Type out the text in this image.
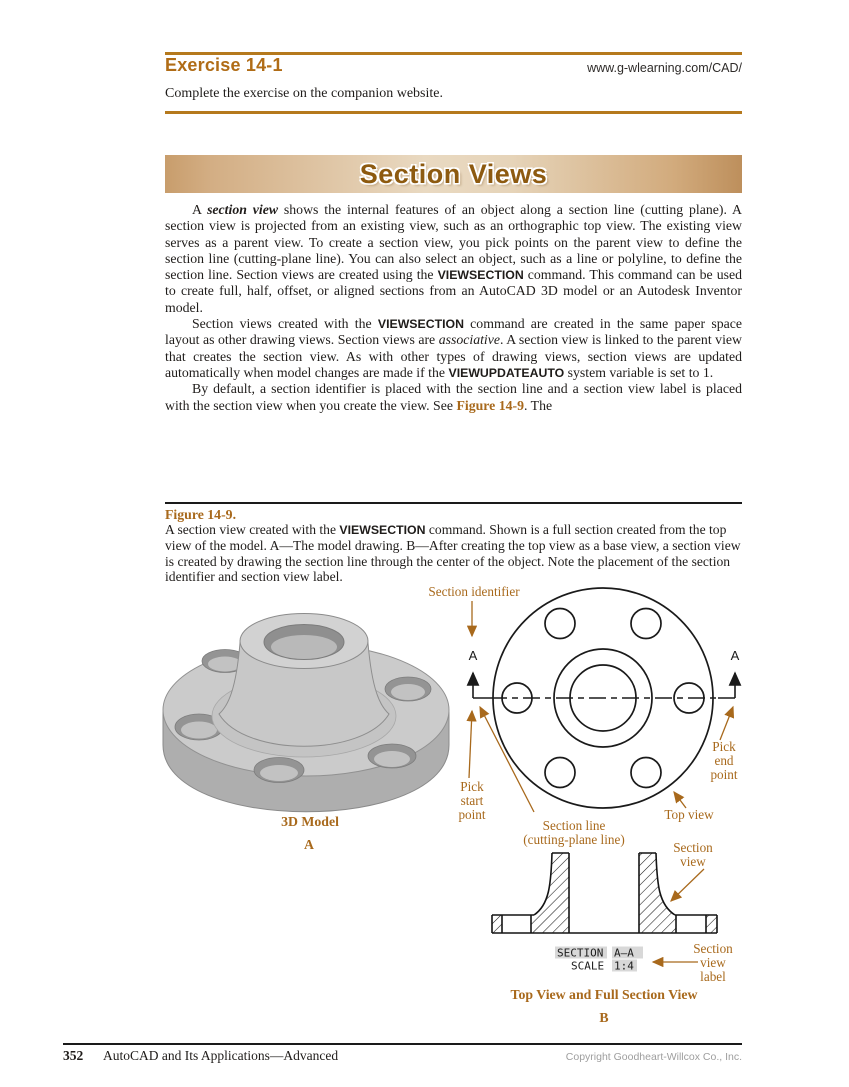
Exercise 14-1	www.g-wlearning.com/CAD/
Complete the exercise on the companion website.
Section Views

A section view shows the internal features of an object along a section line (cutting plane). A section view is projected from an existing view, such as an orthographic top view. The existing view serves as a parent view. To create a section view, you pick points on the parent view to define the section line (cutting-plane line). You can also select an object, such as a line or polyline, to define the section line. Section views are created using the VIEWSECTION command. This command can be used to create full, half, offset, or aligned sections from an AutoCAD 3D model or an Autodesk Inventor model.

Section views created with the VIEWSECTION command are created in the same paper space layout as other drawing views. Section views are associative. A section view is linked to the parent view that creates the section view. As with other types of drawing views, section views are updated automatically when model changes are made if the VIEWUPDATEAUTO system variable is set to 1.

By default, a section identifier is placed with the section line and a section view label is placed with the section view when you create the view. See Figure 14-9. The

Figure 14-9.
A section view created with the VIEWSECTION command. Shown is a full section created from the top view of the model. A—The model drawing. B—After creating the top view as a base view, a section view is created by drawing the section line through the center of the object. Note the placement of the section identifier and section view label.
3D Model
A
A	A
SECTION A—A
SCALE 1:4
Section identifier
Pick
start
point
Section line
(cutting-plane line)
Top view
Pick
end
point
Section
view
Section
view
label
Top View and Full Section View
B
352 AutoCAD and Its Applications—Advanced	Copyright Goodheart-Willcox Co., Inc.
